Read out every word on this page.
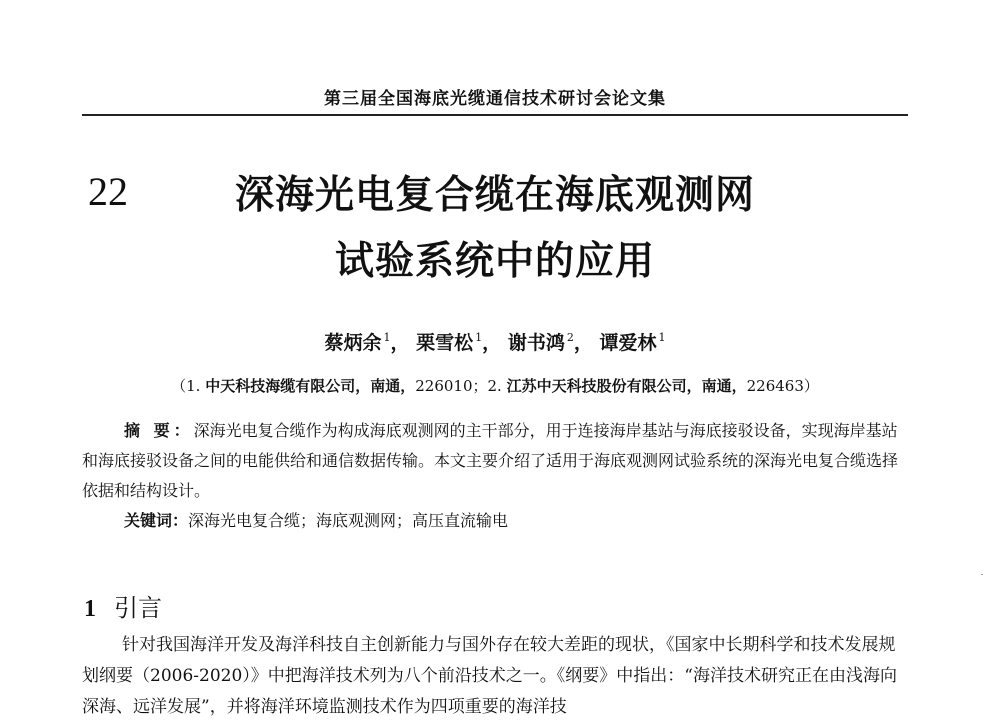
第三届全国海底光缆通信技术研讨会论文集
22	深海光电复合缆在海底观测网
试验系统中的应用
蔡炳余 $^1$， 栗雪松 $^1$， 谢书鸿 $^2$， 谭爱林 $^1$
（1. 中天科技海缆有限公司，南通，226010；2. 江苏中天科技股份有限公司，南通，226463）
摘 要：深海光电复合缆作为构成海底观测网的主干部分，用于连接海岸基站与海底接驳设备，实现海岸基站和海底接驳设备之间的电能供给和通信数据传输。本文主要介绍了适用于海底观测网试验系统的深海光电复合缆选择依据和结构设计。
关键词：深海光电复合缆；海底观测网；高压直流输电
1 引言
针对我国海洋开发及海洋科技自主创新能力与国外存在较大差距的现状，《国家中长期科学和技术发展规划纲要（2006-2020）》中把海洋技术列为八个前沿技术之一。《纲要》中指出：“海洋技术研究正在由浅海向深海、远洋发展”，并将海洋环境监测技术作为四项重要的海洋技
